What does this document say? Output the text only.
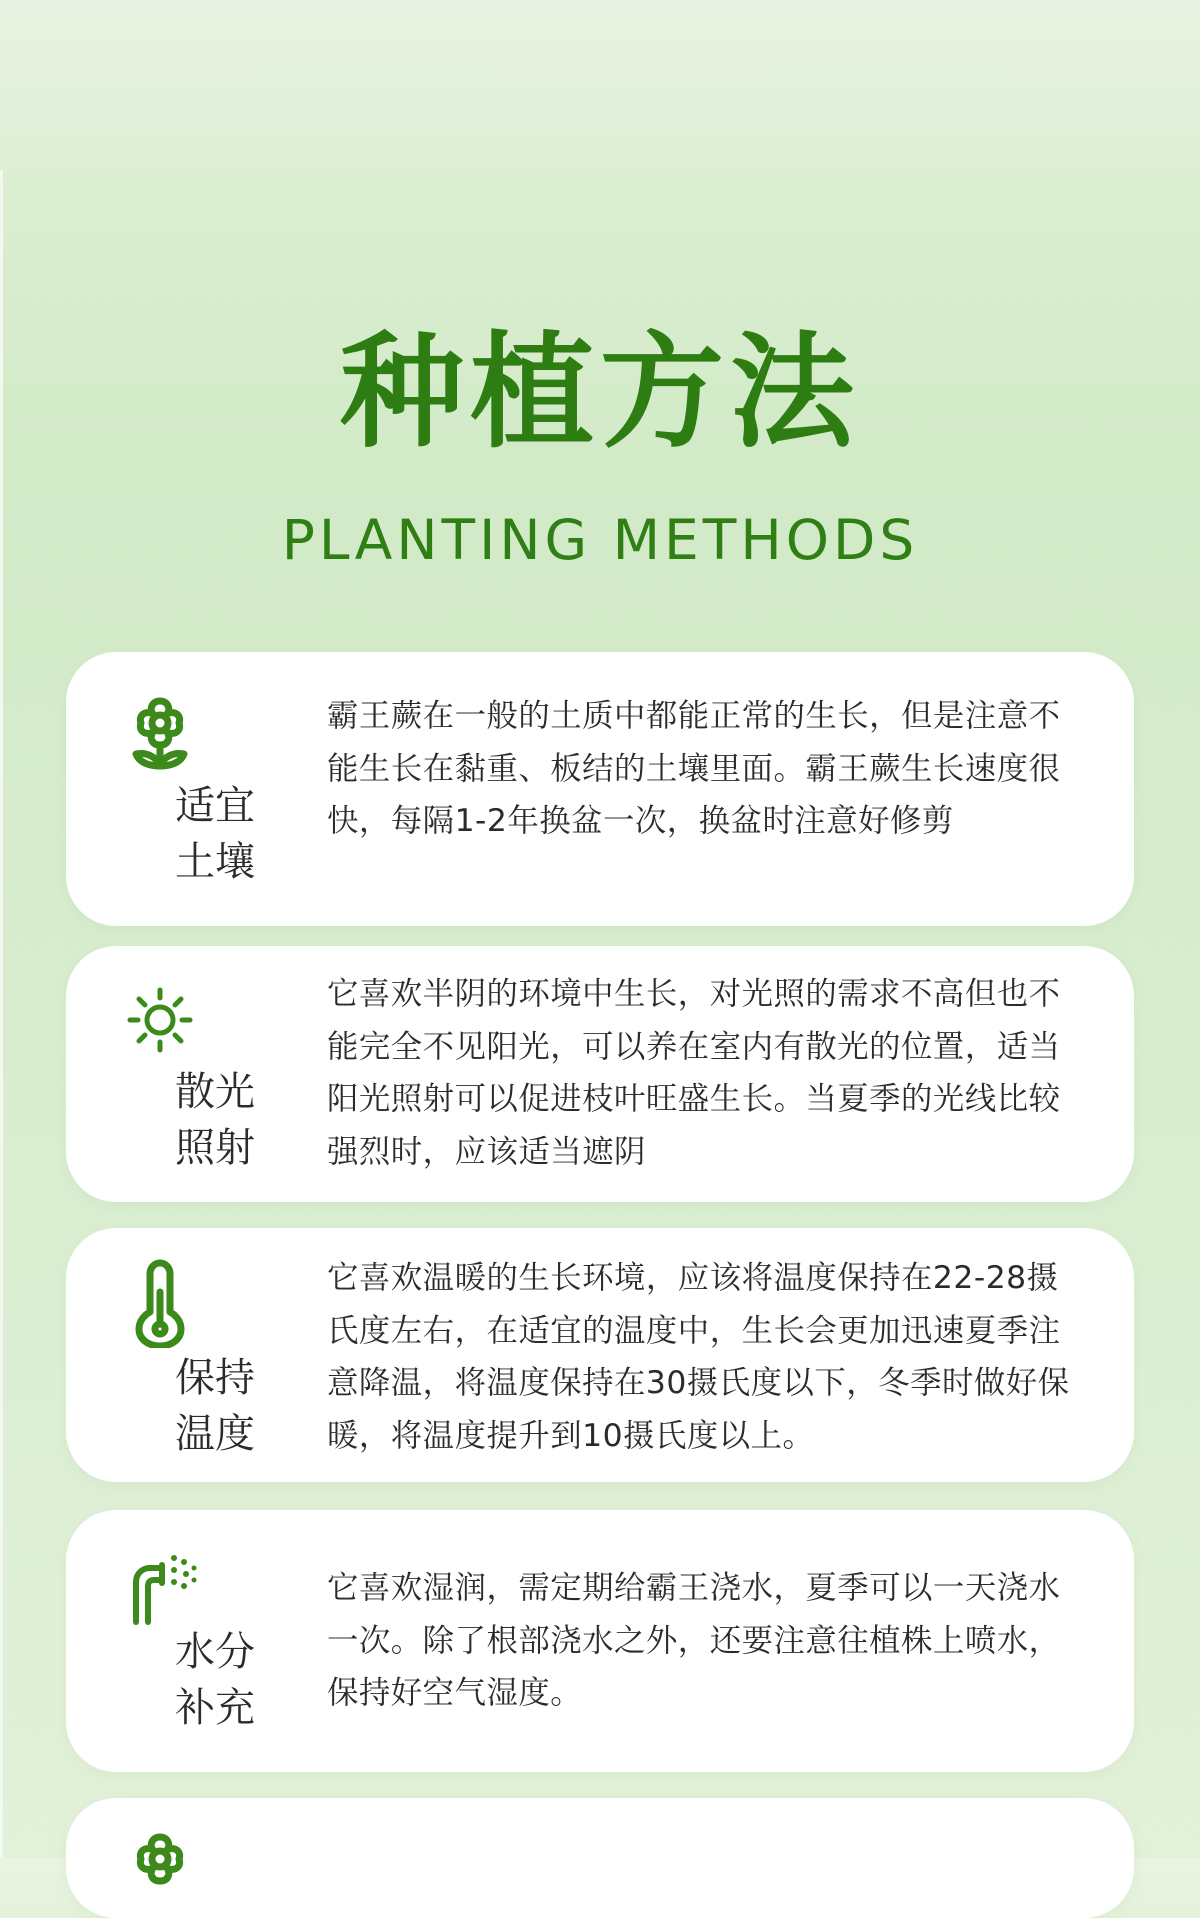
种植方法
PLANTING METHODS
适宜
土壤
霸王蕨在一般的土质中都能正常的生长，但是注意不能生长在黏重、板结的土壤里面。霸王蕨生长速度很快，每隔1-2年换盆一次，换盆时注意好修剪
散光
照射
它喜欢半阴的环境中生长，对光照的需求不高但也不能完全不见阳光，可以养在室内有散光的位置，适当阳光照射可以促进枝叶旺盛生长。当夏季的光线比较强烈时，应该适当遮阴
保持
温度
它喜欢温暖的生长环境，应该将温度保持在22-28摄氏度左右，在适宜的温度中，生长会更加迅速夏季注意降温，将温度保持在30摄氏度以下，冬季时做好保暖，将温度提升到10摄氏度以上。
水分
补充
它喜欢湿润，需定期给霸王浇水，夏季可以一天浇水一次。除了根部浇水之外，还要注意往植株上喷水，保持好空气湿度。
